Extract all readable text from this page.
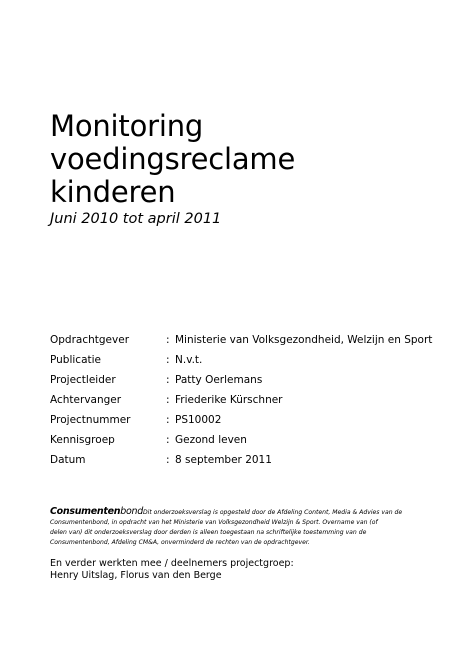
Monitoring
voedingsreclame
kinderen
Juni 2010 tot april 2011
Opdrachtgever	: Ministerie van Volksgezondheid, Welzijn en Sport
Publicatie	: N.v.t.
Projectleider	: Patty Oerlemans
Achtervanger	: Friederike Kürschner
Projectnummer	: PS10002
Kennisgroep	: Gezond leven
Datum	: 8 september 2011
ConsumentenbondDit onderzoeksverslag is opgesteld door de Afdeling Content, Media & Advies van de
Consumentenbond, in opdracht van het Ministerie van Volksgezondheid Welzijn & Sport. Overname van (of
delen van) dit onderzoeksverslag door derden is alleen toegestaan na schriftelijke toestemming van de
Consumentenbond, Afdeling CM&A, onverminderd de rechten van de opdrachtgever.
En verder werkten mee / deelnemers projectgroep:
Henry Uitslag, Florus van den Berge
